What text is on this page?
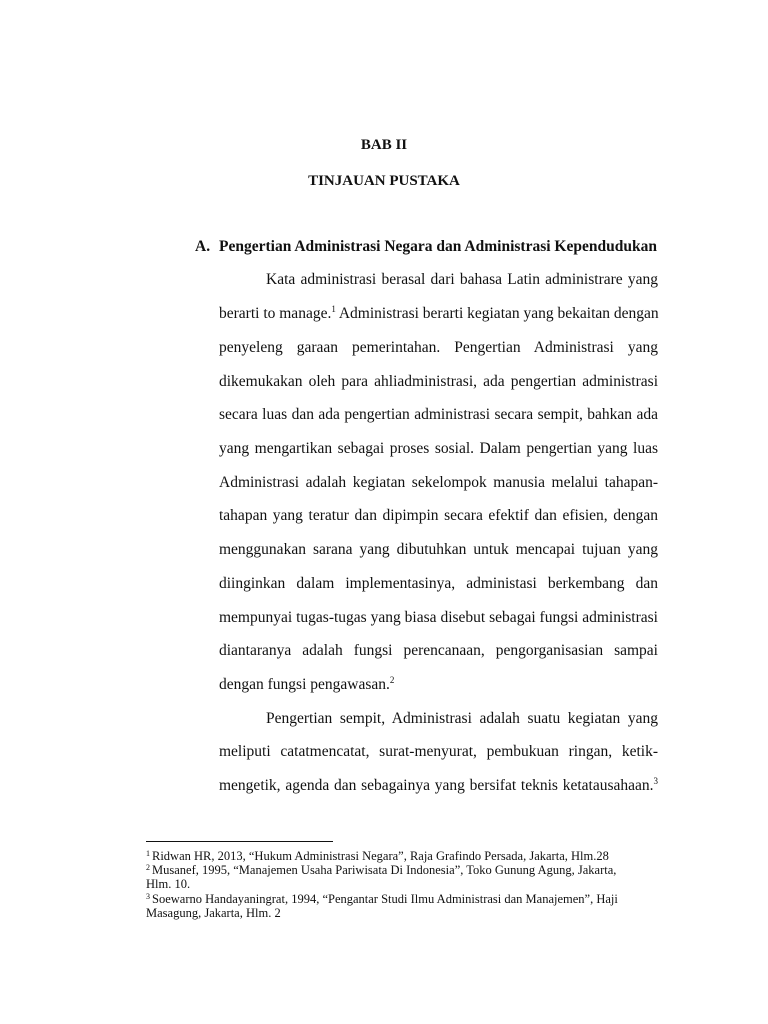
BAB II
TINJAUAN PUSTAKA
A. Pengertian Administrasi Negara dan Administrasi Kependudukan
Kata administrasi berasal dari bahasa Latin administrare yang
berarti to manage.$^1$ Administrasi berarti kegiatan yang bekaitan dengan
penyeleng garaan pemerintahan. Pengertian Administrasi yang
dikemukakan oleh para ahliadministrasi, ada pengertian administrasi
secara luas dan ada pengertian administrasi secara sempit, bahkan ada
yang mengartikan sebagai proses sosial. Dalam pengertian yang luas
Administrasi adalah kegiatan sekelompok manusia melalui tahapan-
tahapan yang teratur dan dipimpin secara efektif dan efisien, dengan
menggunakan sarana yang dibutuhkan untuk mencapai tujuan yang
diinginkan dalam implementasinya, administasi berkembang dan
mempunyai tugas-tugas yang biasa disebut sebagai fungsi administrasi
diantaranya adalah fungsi perencanaan, pengorganisasian sampai
dengan fungsi pengawasan.$^2$
Pengertian sempit, Administrasi adalah suatu kegiatan yang
meliputi catatmencatat, surat-menyurat, pembukuan ringan, ketik-
mengetik, agenda dan sebagainya yang bersifat teknis ketatausahaan.$^3$
$^1$ Ridwan HR, 2013, “Hukum Administrasi Negara”, Raja Grafindo Persada, Jakarta, Hlm.28
$^2$ Musanef, 1995, “Manajemen Usaha Pariwisata Di Indonesia”, Toko Gunung Agung, Jakarta,
Hlm. 10.
$^3$ Soewarno Handayaningrat, 1994, “Pengantar Studi Ilmu Administrasi dan Manajemen”, Haji
Masagung, Jakarta, Hlm. 2
